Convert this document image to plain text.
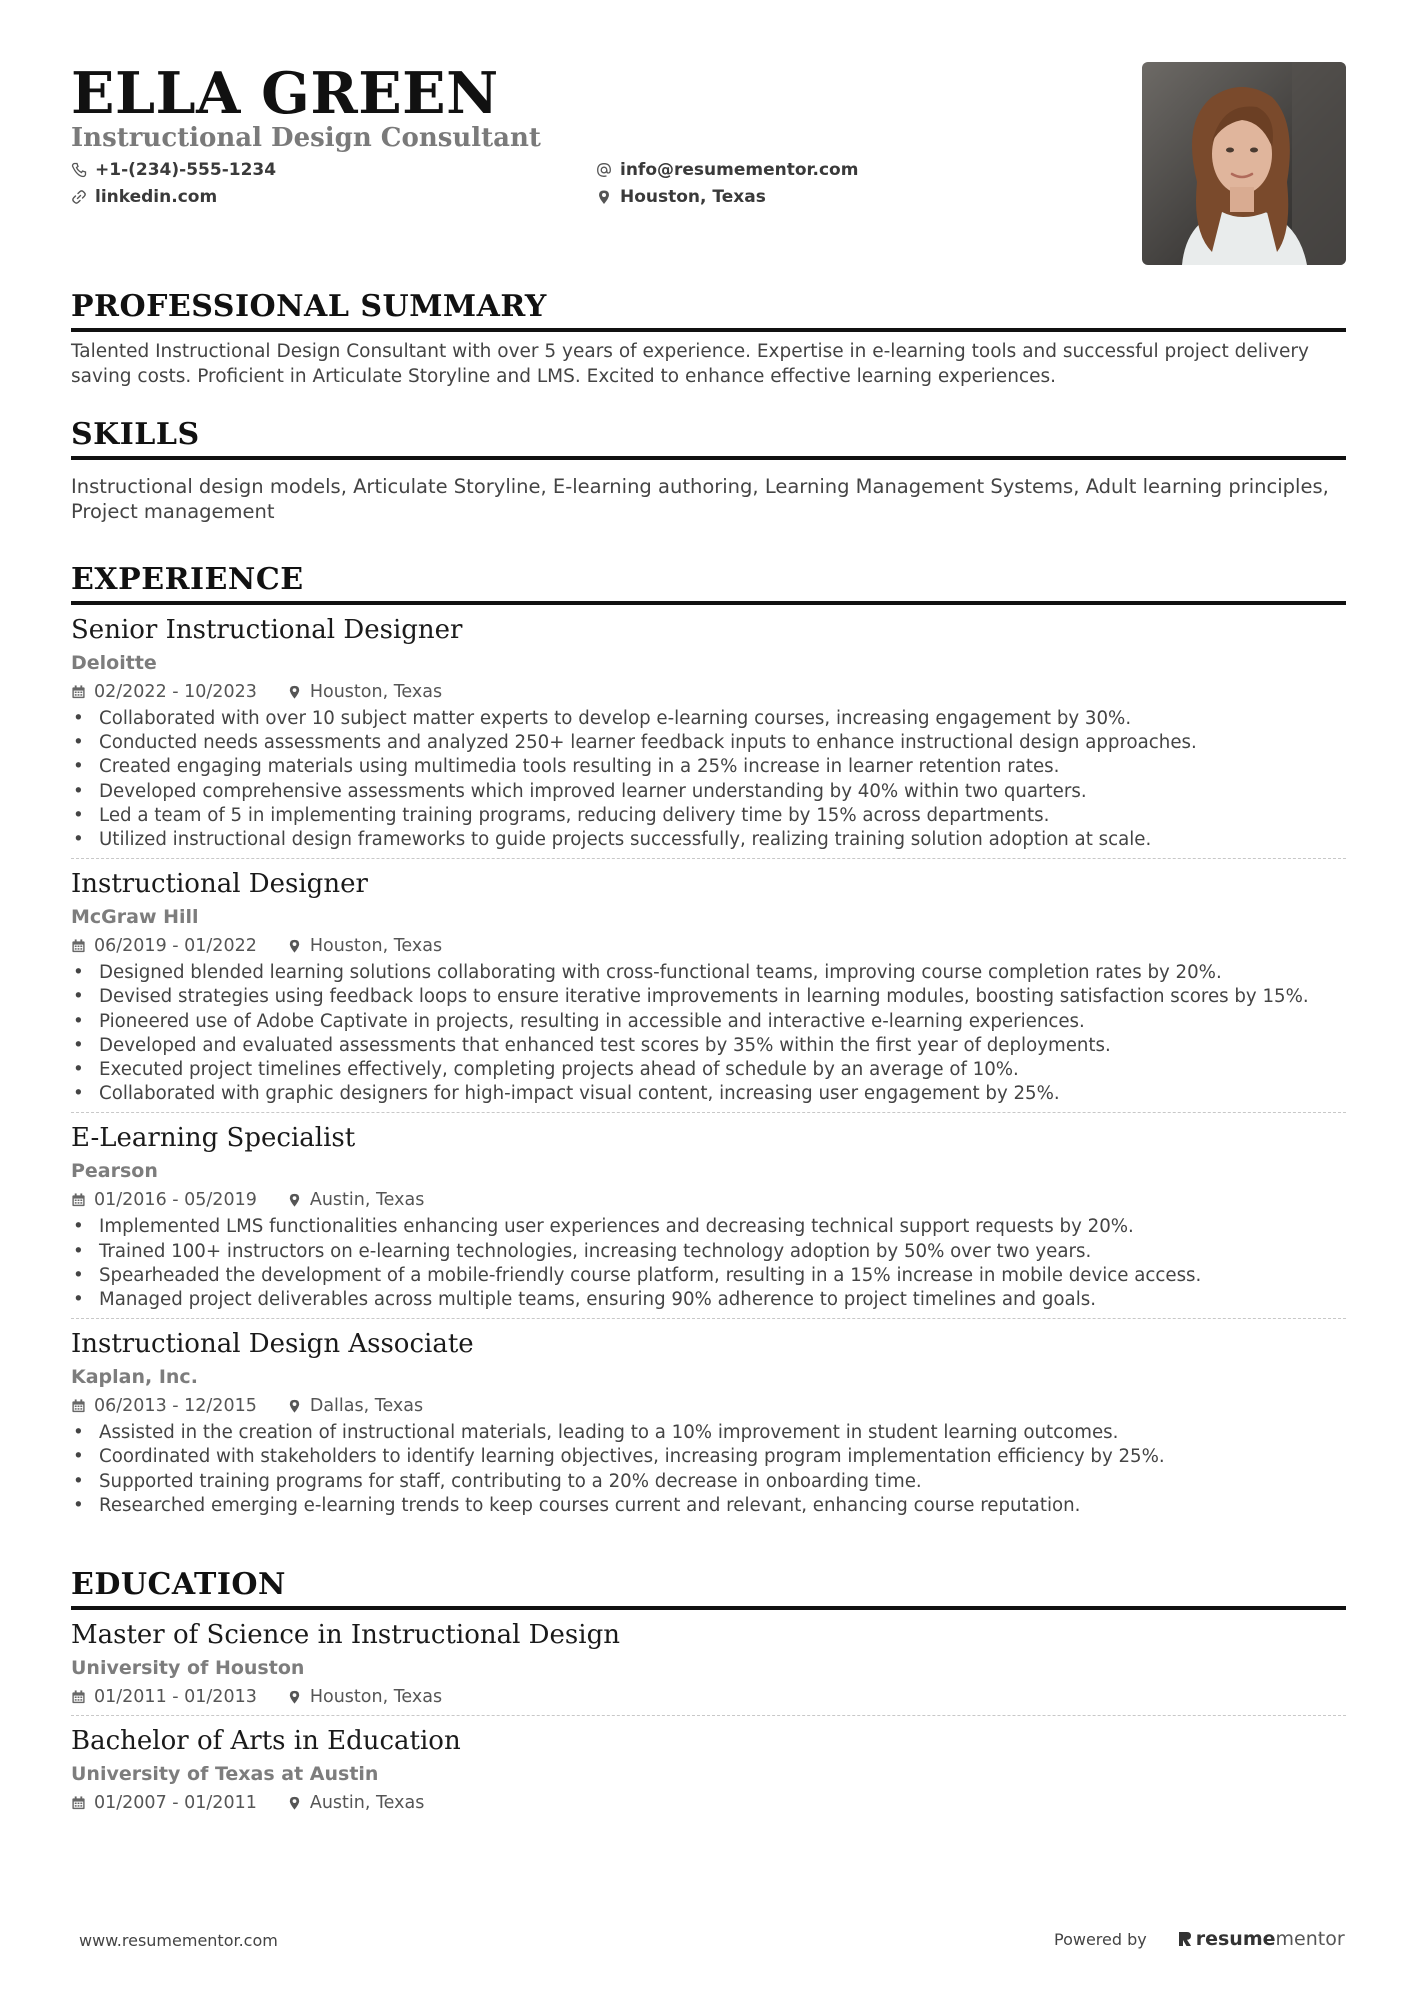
ELLA GREEN
Instructional Design Consultant
+1-(234)-555-1234
linkedin.com
info@resumementor.com
Houston, Texas
PROFESSIONAL SUMMARY
Talented Instructional Design Consultant with over 5 years of experience. Expertise in e-learning tools and successful project delivery saving costs. Proficient in Articulate Storyline and LMS. Excited to enhance effective learning experiences.
SKILLS
Instructional design models, Articulate Storyline, E-learning authoring, Learning Management Systems, Adult learning principles, Project management
EXPERIENCE
Senior Instructional Designer
Deloitte
02/2022 - 10/2023	Houston, Texas
• Collaborated with over 10 subject matter experts to develop e-learning courses, increasing engagement by 30%.
• Conducted needs assessments and analyzed 250+ learner feedback inputs to enhance instructional design approaches.
• Created engaging materials using multimedia tools resulting in a 25% increase in learner retention rates.
• Developed comprehensive assessments which improved learner understanding by 40% within two quarters.
• Led a team of 5 in implementing training programs, reducing delivery time by 15% across departments.
• Utilized instructional design frameworks to guide projects successfully, realizing training solution adoption at scale.
Instructional Designer
McGraw Hill
06/2019 - 01/2022	Houston, Texas
• Designed blended learning solutions collaborating with cross-functional teams, improving course completion rates by 20%.
• Devised strategies using feedback loops to ensure iterative improvements in learning modules, boosting satisfaction scores by 15%.
• Pioneered use of Adobe Captivate in projects, resulting in accessible and interactive e-learning experiences.
• Developed and evaluated assessments that enhanced test scores by 35% within the first year of deployments.
• Executed project timelines effectively, completing projects ahead of schedule by an average of 10%.
• Collaborated with graphic designers for high-impact visual content, increasing user engagement by 25%.
E-Learning Specialist
Pearson
01/2016 - 05/2019	Austin, Texas
• Implemented LMS functionalities enhancing user experiences and decreasing technical support requests by 20%.
• Trained 100+ instructors on e-learning technologies, increasing technology adoption by 50% over two years.
• Spearheaded the development of a mobile-friendly course platform, resulting in a 15% increase in mobile device access.
• Managed project deliverables across multiple teams, ensuring 90% adherence to project timelines and goals.
Instructional Design Associate
Kaplan, Inc.
06/2013 - 12/2015	Dallas, Texas
• Assisted in the creation of instructional materials, leading to a 10% improvement in student learning outcomes.
• Coordinated with stakeholders to identify learning objectives, increasing program implementation efficiency by 25%.
• Supported training programs for staff, contributing to a 20% decrease in onboarding time.
• Researched emerging e-learning trends to keep courses current and relevant, enhancing course reputation.
EDUCATION
Master of Science in Instructional Design
University of Houston
01/2011 - 01/2013	Houston, Texas
Bachelor of Arts in Education
University of Texas at Austin
01/2007 - 01/2011	Austin, Texas
www.resumementor.com	Powered by	resume mentor
